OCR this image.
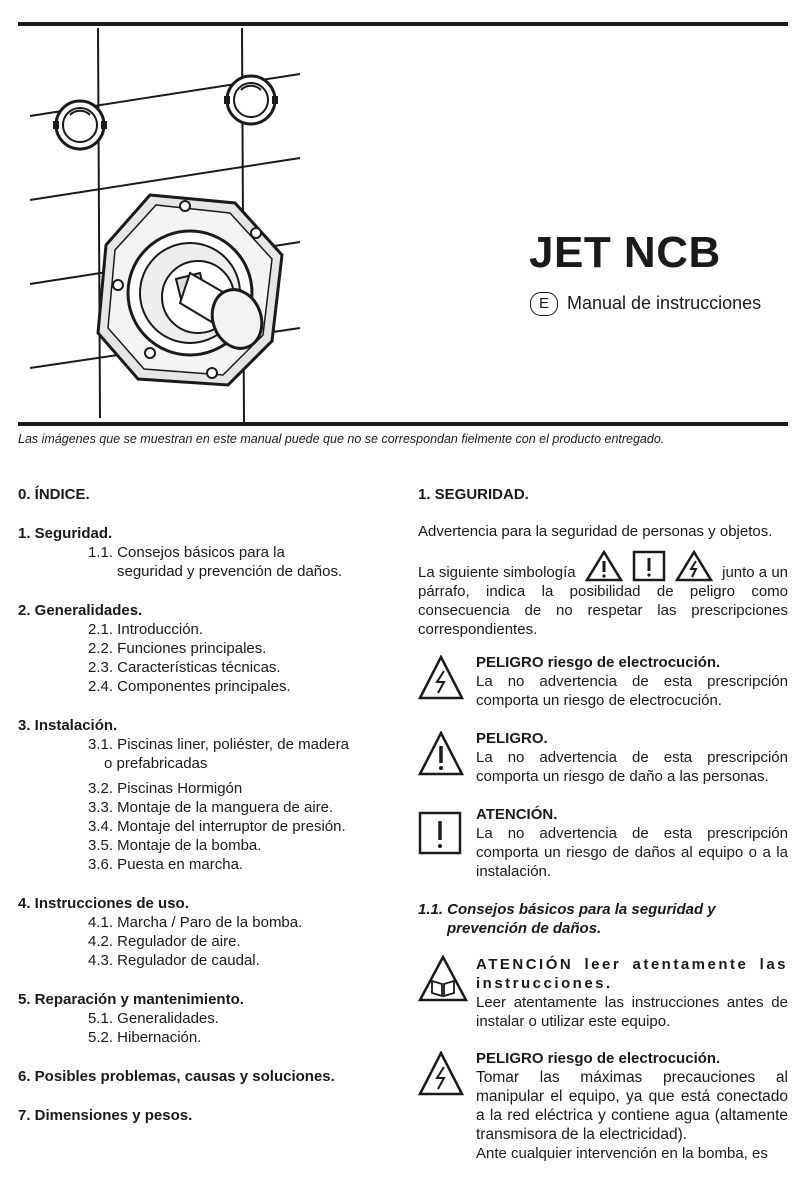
JET NCB
E	Manual de instrucciones
Las imágenes que se muestran en este manual puede que no se correspondan fielmente con el producto entregado.
0. ÍNDICE.
1. Seguridad.
1.1. Consejos básicos para la
seguridad y prevención de daños.
2. Generalidades.
2.1. Introducción.
2.2. Funciones principales.
2.3. Características técnicas.
2.4. Componentes principales.
3. Instalación.
3.1. Piscinas liner, poliéster, de madera
o prefabricadas
3.2. Piscinas Hormigón
3.3. Montaje de la manguera de aire.
3.4. Montaje del interruptor de presión.
3.5. Montaje de la bomba.
3.6. Puesta en marcha.
4. Instrucciones de uso.
4.1. Marcha / Paro de la bomba.
4.2. Regulador de aire.
4.3. Regulador de caudal.
5. Reparación y mantenimiento.
5.1. Generalidades.
5.2. Hibernación.
6. Posibles problemas, causas y soluciones.
7. Dimensiones y pesos.
1. SEGURIDAD.
Advertencia para la seguridad de personas y objetos.
La siguiente simbología	junto a un
párrafo, indica la posibilidad de peligro como consecuencia de no respetar las prescripciones correspondientes.
PELIGRO riesgo de electrocución.
La no advertencia de esta prescripción comporta un riesgo de electrocución.
PELIGRO.
La no advertencia de esta prescripción comporta un riesgo de daño a las personas.
ATENCIÓN.
La no advertencia de esta prescripción comporta un riesgo de daños al equipo o a la instalación.
1.1. Consejos básicos para la seguridad y
prevención de daños.
ATENCIÓN leer atentamente las instrucciones.
Leer atentamente las instrucciones antes de instalar o utilizar este equipo.
PELIGRO riesgo de electrocución.
Tomar las máximas precauciones al manipular el equipo, ya que está conectado a la red eléctrica y contiene agua (altamente transmisora de la electricidad).
Ante cualquier intervención en la bomba, es
